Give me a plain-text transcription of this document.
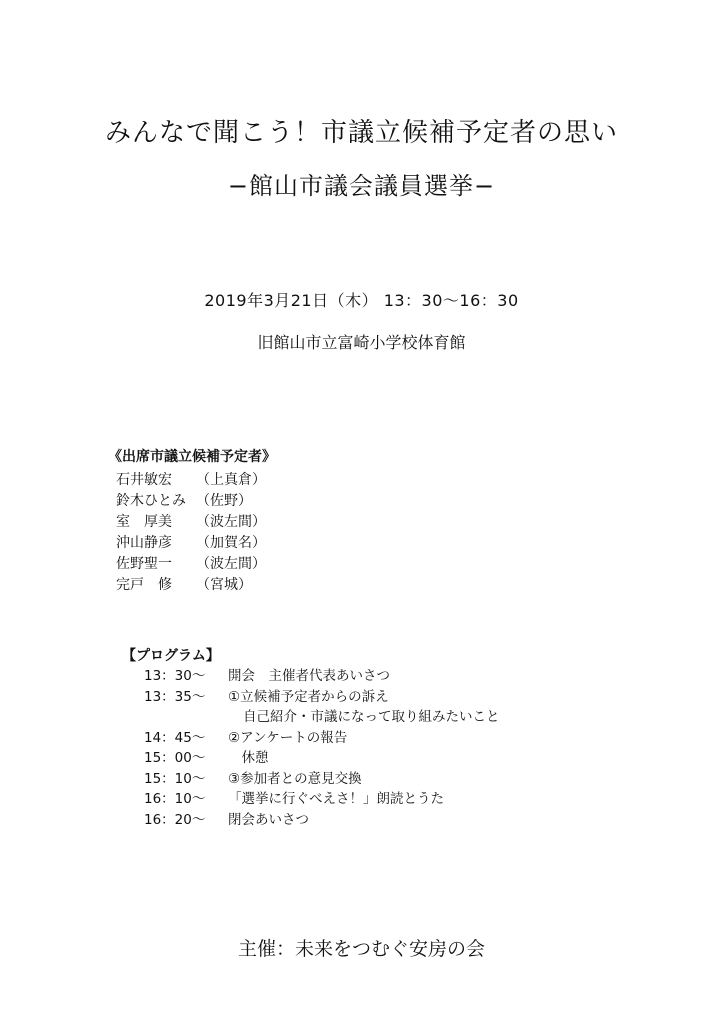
みんなで聞こう！市議立候補予定者の思い
−館山市議会議員選挙−
2019年3月21日（木） 13：30〜16：30
旧館山市立富崎小学校体育館
《出席市議立候補予定者》
石井敏宏 （上真倉）
鈴木ひとみ （佐野）
室　厚美 （波左間）
沖山静彦 （加賀名）
佐野聖一 （波左間）
完戸　修 （宮城）
【プログラム】
13：30〜 開会　主催者代表あいさつ
13：35〜 ①立候補予定者からの訴え
自己紹介・市議になって取り組みたいこと
14：45〜 ②アンケートの報告
15：00〜　休憩
15：10〜 ③参加者との意見交換
16：10〜 「選挙に行ぐべえさ！」朗読とうた
16：20〜 閉会あいさつ
主催：未来をつむぐ安房の会
